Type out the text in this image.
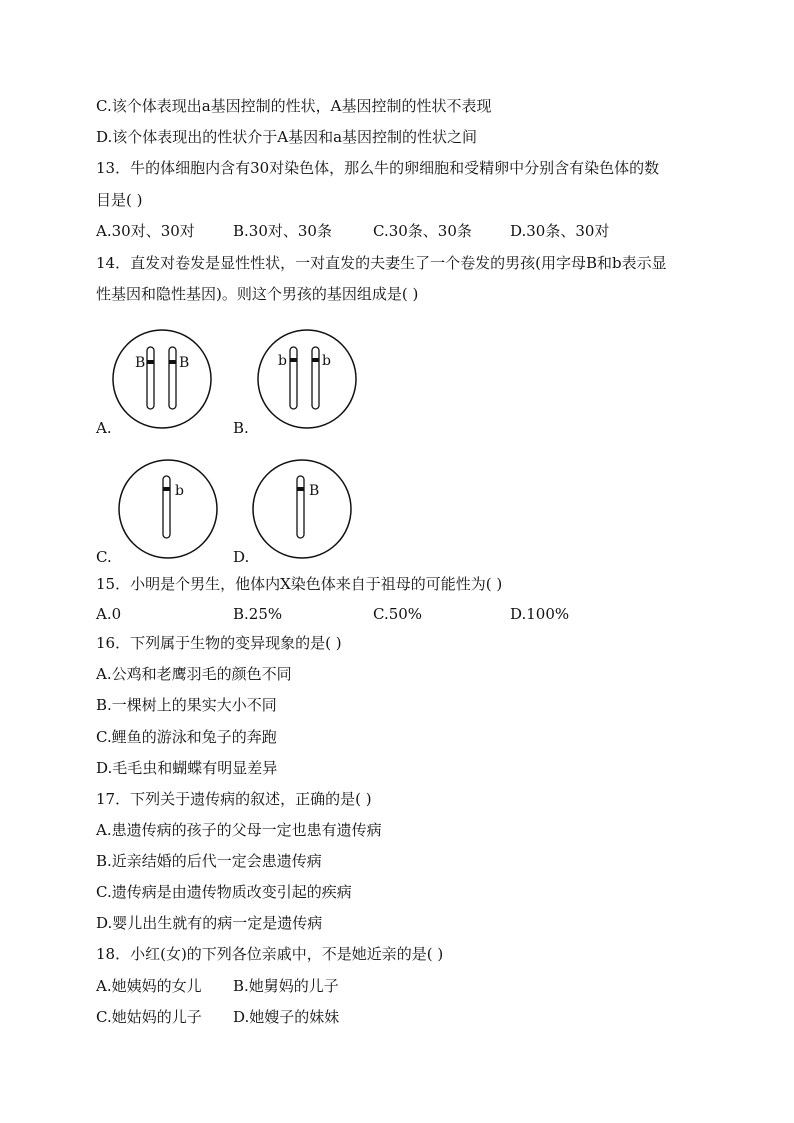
C.该个体表现出a基因控制的性状，A基因控制的性状不表现
D.该个体表现出的性状介于A基因和a基因控制的性状之间
13．牛的体细胞内含有30对染色体，那么牛的卵细胞和受精卵中分别含有染色体的数
目是( )
A.30对、30对	B.30对、30条	C.30条、30条	D.30条、30对
14．直发对卷发是显性性状，一对直发的夫妻生了一个卷发的男孩(用字母B和b表示显
性基因和隐性基因)。则这个男孩的基因组成是( )
B B
A.
b	b
B.
b
C.
B
D.
15．小明是个男生，他体内X染色体来自于祖母的可能性为( )
A.0	B.25%	C.50%	D.100%
16．下列属于生物的变异现象的是( )
A.公鸡和老鹰羽毛的颜色不同
B.一棵树上的果实大小不同
C.鲤鱼的游泳和兔子的奔跑
D.毛毛虫和蝴蝶有明显差异
17．下列关于遗传病的叙述，正确的是( )
A.患遗传病的孩子的父母一定也患有遗传病
B.近亲结婚的后代一定会患遗传病
C.遗传病是由遗传物质改变引起的疾病
D.婴儿出生就有的病一定是遗传病
18．小红(女)的下列各位亲戚中，不是她近亲的是( )
A.她姨妈的女儿 B.她舅妈的儿子
C.她姑妈的儿子 D.她嫂子的妹妹
